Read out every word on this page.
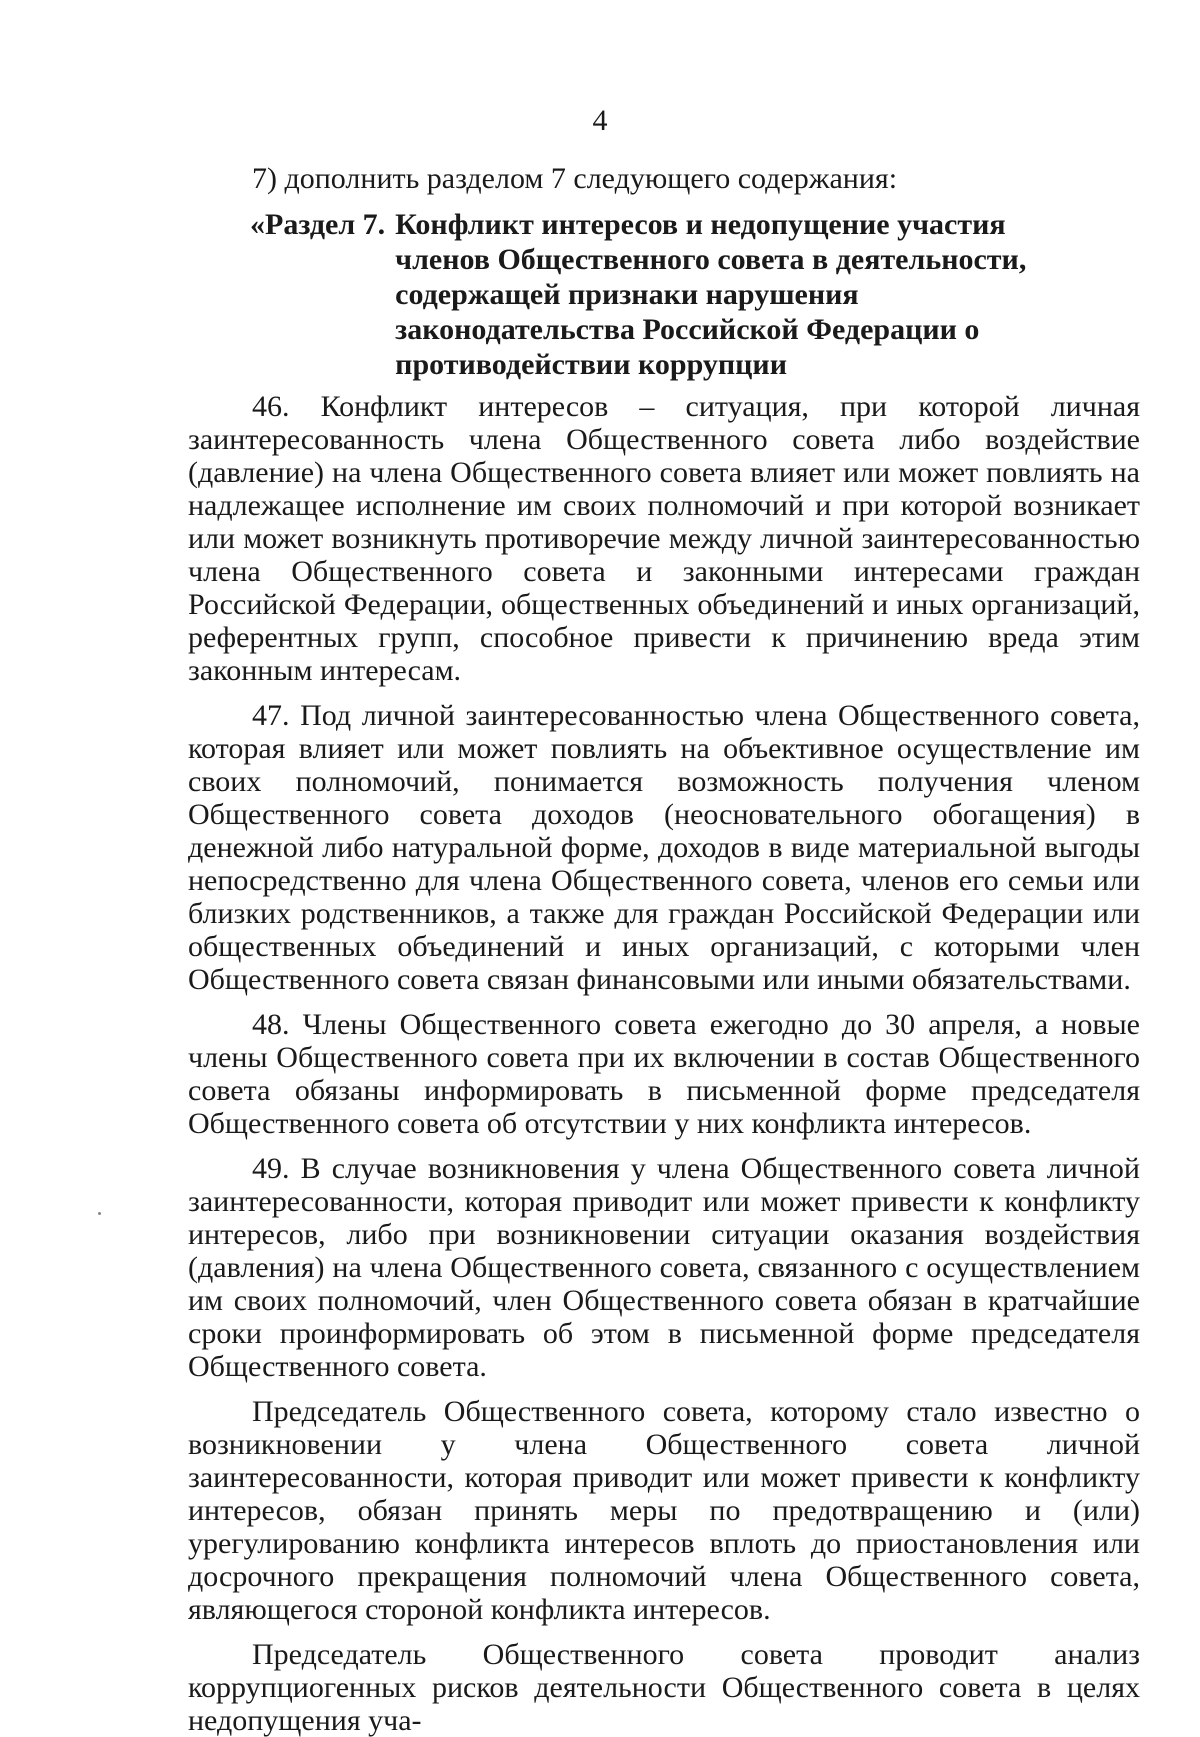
4

7) дополнить разделом 7 следующего содержания:

«Раздел 7. Конфликт интересов и недопущение участия членов Общественного совета в деятельности, содержащей признаки нарушения законодательства Российской Федерации о противодействии коррупции

46. Конфликт интересов – ситуация, при которой личная заинтересованность члена Общественного совета либо воздействие (давление) на члена Общественного совета влияет или может повлиять на надлежащее исполнение им своих полномочий и при которой возникает или может возникнуть противоречие между личной заинтересованностью члена Общественного совета и законными интересами граждан Российской Федерации, общественных объединений и иных организаций, референтных групп, способное привести к причинению вреда этим законным интересам.

47. Под личной заинтересованностью члена Общественного совета, которая влияет или может повлиять на объективное осуществление им своих полномочий, понимается возможность получения членом Общественного совета доходов (неосновательного обогащения) в денежной либо натуральной форме, доходов в виде материальной выгоды непосредственно для члена Общественного совета, членов его семьи или близких родственников, а также для граждан Российской Федерации или общественных объединений и иных организаций, с которыми член Общественного совета связан финансовыми или иными обязательствами.

48. Члены Общественного совета ежегодно до 30 апреля, а новые члены Общественного совета при их включении в состав Общественного совета обязаны информировать в письменной форме председателя Общественного совета об отсутствии у них конфликта интересов.

49. В случае возникновения у члена Общественного совета личной заинтересованности, которая приводит или может привести к конфликту интересов, либо при возникновении ситуации оказания воздействия (давления) на члена Общественного совета, связанного с осуществлением им своих полномочий, член Общественного совета обязан в кратчайшие сроки проинформировать об этом в письменной форме председателя Общественного совета.

Председатель Общественного совета, которому стало известно о возникновении у члена Общественного совета личной заинтересованности, которая приводит или может привести к конфликту интересов, обязан принять меры по предотвращению и (или) урегулированию конфликта интересов вплоть до приостановления или досрочного прекращения полномочий члена Общественного совета, являющегося стороной конфликта интересов.

Председатель Общественного совета проводит анализ коррупциогенных рисков деятельности Общественного совета в целях недопущения уча-
